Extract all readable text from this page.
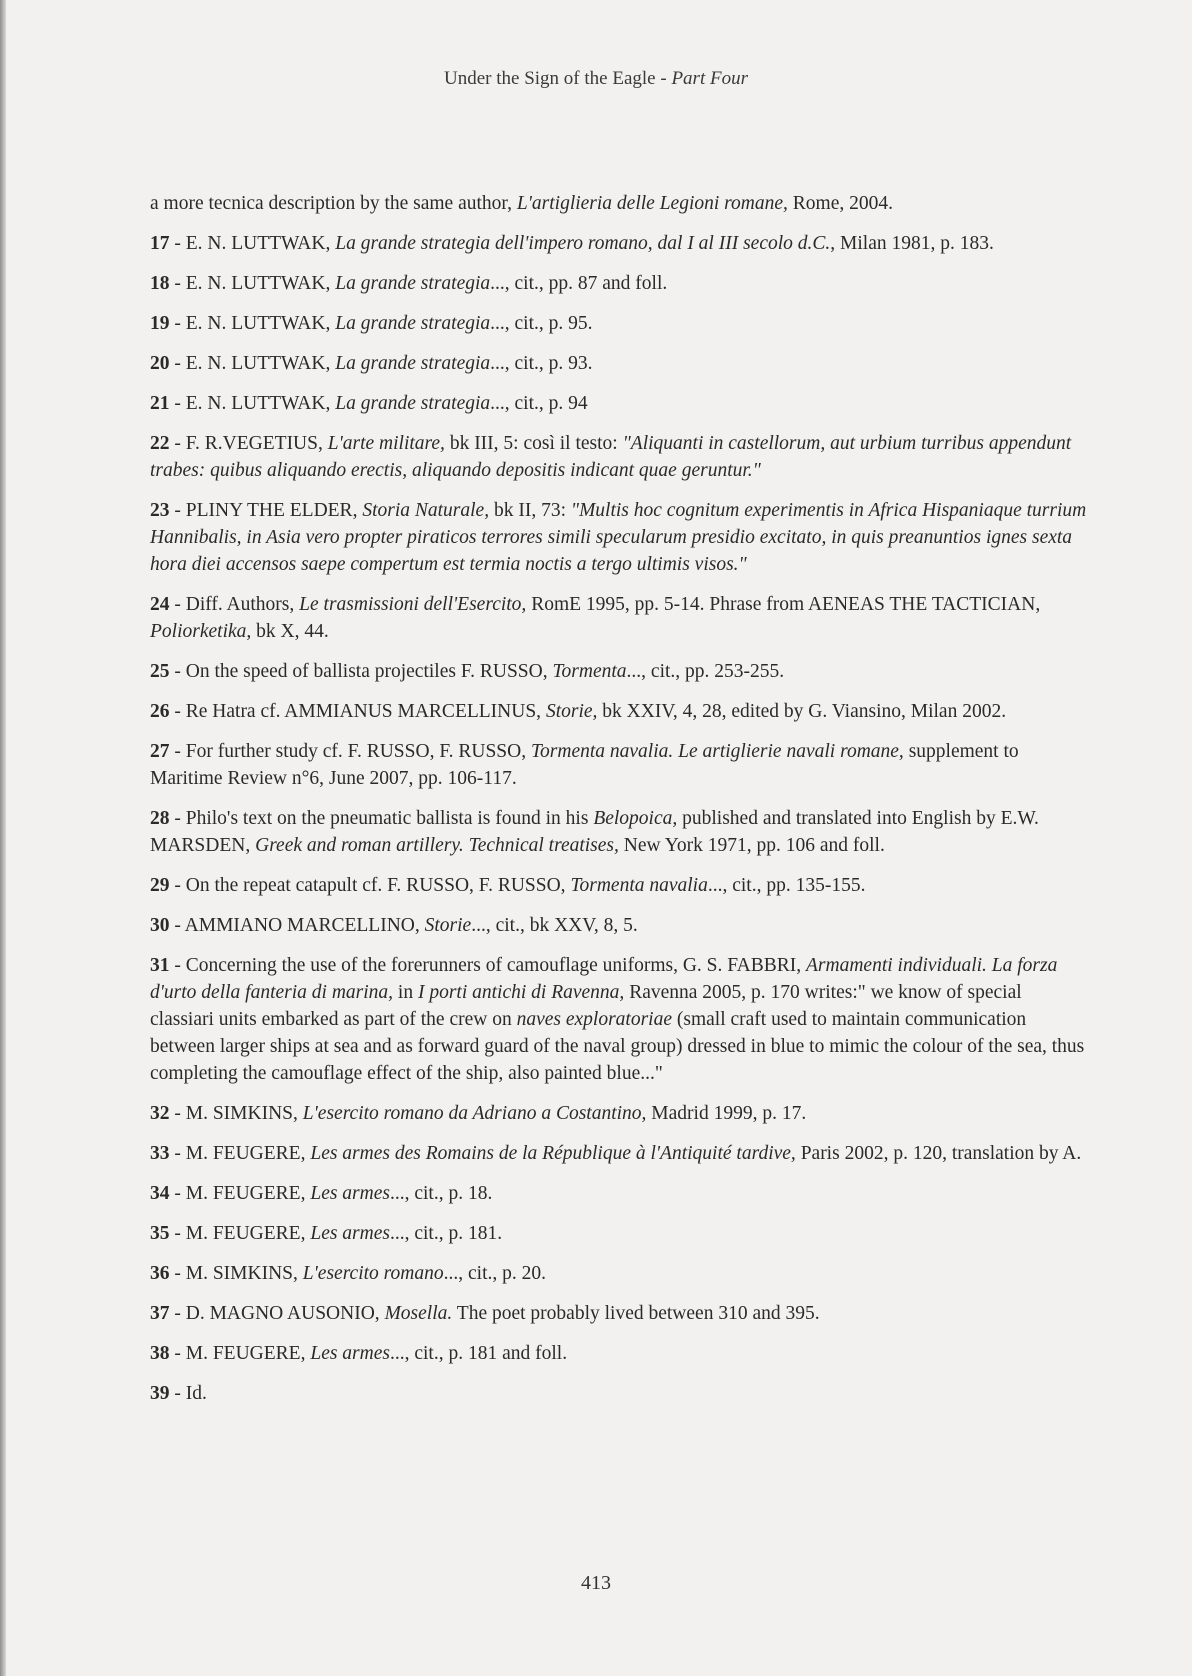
Under the Sign of the Eagle - Part Four

a more tecnica description by the same author, L'artiglieria delle Legioni romane, Rome, 2004.

17 - E. N. LUTTWAK, La grande strategia dell'impero romano, dal I al III secolo d.C., Milan 1981, p. 183.

18 - E. N. LUTTWAK, La grande strategia..., cit., pp. 87 and foll.

19 - E. N. LUTTWAK, La grande strategia..., cit., p. 95.

20 - E. N. LUTTWAK, La grande strategia..., cit., p. 93.

21 - E. N. LUTTWAK, La grande strategia..., cit., p. 94

22 - F. R.VEGETIUS, L'arte militare, bk III, 5: così il testo: "Aliquanti in castellorum, aut urbium turribus appendunt trabes: quibus aliquando erectis, aliquando depositis indicant quae geruntur."

23 - PLINY THE ELDER, Storia Naturale, bk II, 73: "Multis hoc cognitum experimentis in Africa Hispaniaque turrium Hannibalis, in Asia vero propter piraticos terrores simili specularum presidio excitato, in quis preanuntios ignes sexta hora diei accensos saepe compertum est termia noctis a tergo ultimis visos."

24 - Diff. Authors, Le trasmissioni dell'Esercito, RomE 1995, pp. 5-14. Phrase from AENEAS THE TACTICIAN, Poliorketika, bk X, 44.

25 - On the speed of ballista projectiles F. RUSSO, Tormenta..., cit., pp. 253-255.

26 - Re Hatra cf. AMMIANUS MARCELLINUS, Storie, bk XXIV, 4, 28, edited by G. Viansino, Milan 2002.

27 - For further study cf. F. RUSSO, F. RUSSO, Tormenta navalia. Le artiglierie navali romane, supplement to Maritime Review n°6, June 2007, pp. 106-117.

28 - Philo's text on the pneumatic ballista is found in his Belopoica, published and translated into English by E.W. MARSDEN, Greek and roman artillery. Technical treatises, New York 1971, pp. 106 and foll.

29 - On the repeat catapult cf. F. RUSSO, F. RUSSO, Tormenta navalia..., cit., pp. 135-155.

30 - AMMIANO MARCELLINO, Storie..., cit., bk XXV, 8, 5.

31 - Concerning the use of the forerunners of camouflage uniforms, G. S. FABBRI, Armamenti individuali. La forza d'urto della fanteria di marina, in I porti antichi di Ravenna, Ravenna 2005, p. 170 writes:" we know of special classiari units embarked as part of the crew on naves exploratoriae (small craft used to maintain communication between larger ships at sea and as forward guard of the naval group) dressed in blue to mimic the colour of the sea, thus completing the camouflage effect of the ship, also painted blue..."

32 - M. SIMKINS, L'esercito romano da Adriano a Costantino, Madrid 1999, p. 17.

33 - M. FEUGERE, Les armes des Romains de la République à l'Antiquité tardive, Paris 2002, p. 120, translation by A.

34 - M. FEUGERE, Les armes..., cit., p. 18.

35 - M. FEUGERE, Les armes..., cit., p. 181.

36 - M. SIMKINS, L'esercito romano..., cit., p. 20.

37 - D. MAGNO AUSONIO, Mosella. The poet probably lived between 310 and 395.

38 - M. FEUGERE, Les armes..., cit., p. 181 and foll.

39 - Id.

413
